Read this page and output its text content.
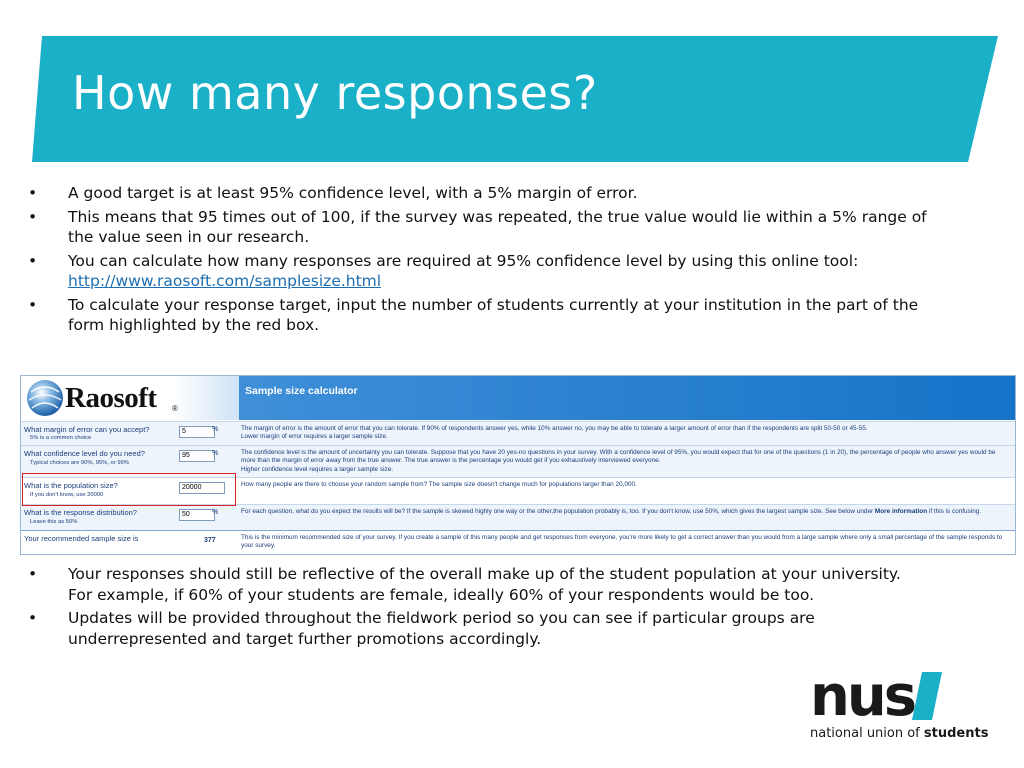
How many responses?
• A good target is at least 95% confidence level, with a 5% margin of error.
• This means that 95 times out of 100, if the survey was repeated, the true value would lie within a 5% range of the value seen in our research.
• You can calculate how many responses are required at 95% confidence level by using this online tool: http://www.raosoft.com/samplesize.html
• To calculate your response target, input the number of students currently at your institution in the part of the form highlighted by the red box.
Raosoft ®
Sample size calculator
What margin of error can you accept?
5% is a common choice
5	%	The margin of error is the amount of error that you can tolerate. If 90% of respondents answer yes, while 10% answer no, you may be able to tolerate a larger amount of error than if the respondents are split 50-50 or 45-55.
Lower margin of error requires a larger sample size.
What confidence level do you need?
Typical choices are 90%, 95%, or 99%
95	%	The confidence level is the amount of uncertainty you can tolerate. Suppose that you have 20 yes-no questions in your survey. With a confidence level of 95%, you would expect that for one of the questions (1 in 20), the percentage of people who answer yes would be more than the margin of error away from the true answer. The true answer is the percentage you would get if you exhaustively interviewed everyone.
Higher confidence level requires a larger sample size.
What is the population size?
If you don't know, use 20000
20000	How many people are there to choose your random sample from? The sample size doesn't change much for populations larger than 20,000.
What is the response distribution?
Leave this as 50%
50	%	For each question, what do you expect the results will be? If the sample is skewed highly one way or the other,the population probably is, too. If you don't know, use 50%, which gives the largest sample size. See below under More information if this is confusing.
Your recommended sample size is	377	This is the minimum recommended size of your survey. If you create a sample of this many people and get responses from everyone, you're more likely to get a correct answer than you would from a large sample where only a small percentage of the sample responds to your survey.
• Your responses should still be reflective of the overall make up of the student population at your university. For example, if 60% of your students are female, ideally 60% of your respondents would be too.
• Updates will be provided throughout the fieldwork period so you can see if particular groups are underrepresented and target further promotions accordingly.
nus
national union of students
